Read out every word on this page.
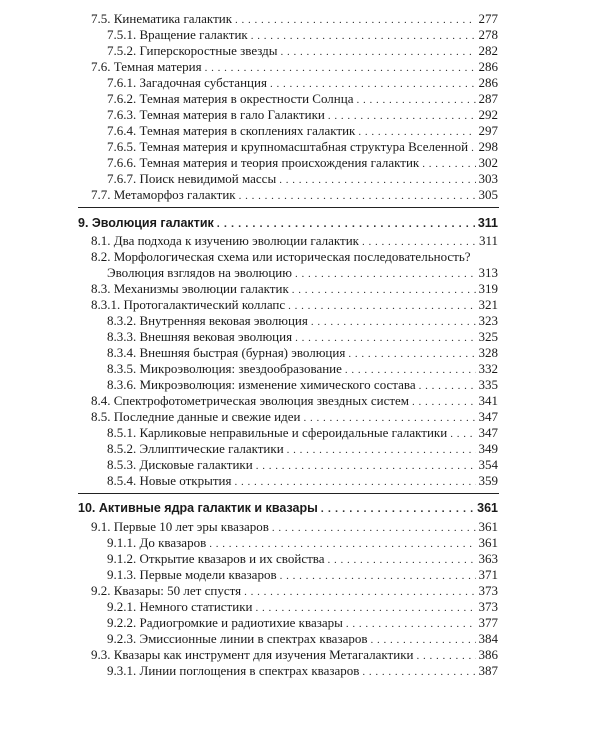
7.5. Кинематика галактик . . .	277
7.5.1. Вращение галактик . . .	278
7.5.2. Гиперскоростные звезды . . .	282
7.6. Темная материя . . .	286
7.6.1. Загадочная субстанция . . .	286
7.6.2. Темная материя в окрестности Солнца . . .	287
7.6.3. Темная материя в гало Галактики . . .	292
7.6.4. Темная материя в скоплениях галактик . . .	297
7.6.5. Темная материя и крупномасштабная структура Вселенной . . . 298
7.6.6. Темная материя и теория происхождения галактик . . .	302
7.6.7. Поиск невидимой массы . . .	303
7.7. Метаморфоз галактик . . .	305
9. Эволюция галактик . . .	311
8.1. Два подхода к изучению эволюции галактик . . .	311
8.2. Морфологическая схема или историческая последовательность?
Эволюция взглядов на эволюцию . . .	313
8.3. Механизмы эволюции галактик . . .	319
8.3.1. Протогалактический коллапс . . .	321
8.3.2. Внутренняя вековая эволюция . . .	323
8.3.3. Внешняя вековая эволюция . . .	325
8.3.4. Внешняя быстрая (бурная) эволюция . . .	328
8.3.5. Микроэволюция: звездообразование . . .	332
8.3.6. Микроэволюция: изменение химического состава . . .	335
8.4. Спектрофотометрическая эволюция звездных систем . . .	341
8.5. Последние данные и свежие идеи . . .	347
8.5.1. Карликовые неправильные и сфероидальные галактики . . . 347
8.5.2. Эллиптические галактики . . .	349
8.5.3. Дисковые галактики . . .	354
8.5.4. Новые открытия . . .	359
10. Активные ядра галактик и квазары . . .	361
9.1. Первые 10 лет эры квазаров . . .	361
9.1.1. До квазаров . . .	361
9.1.2. Открытие квазаров и их свойства . . .	363
9.1.3. Первые модели квазаров . . .	371
9.2. Квазары: 50 лет спустя . . .	373
9.2.1. Немного статистики . . .	373
9.2.2. Радиогромкие и радиотихие квазары . . .	377
9.2.3. Эмиссионные линии в спектрах квазаров . . .	384
9.3. Квазары как инструмент для изучения Метагалактики . . .	386
9.3.1. Линии поглощения в спектрах квазаров . . .	387
